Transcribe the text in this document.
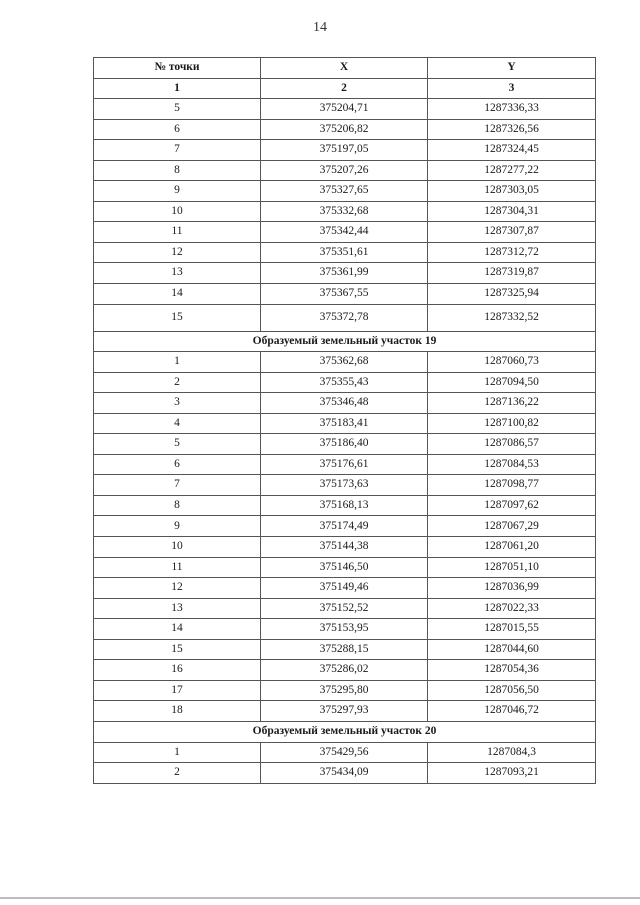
14
№ точки	X	Y
1	2	3
5	375204,71	1287336,33
6	375206,82	1287326,56
7	375197,05	1287324,45
8	375207,26	1287277,22
9	375327,65	1287303,05
10	375332,68	1287304,31
11	375342,44	1287307,87
12	375351,61	1287312,72
13	375361,99	1287319,87
14	375367,55	1287325,94
15	375372,78	1287332,52
Образуемый земельный участок 19		
1	375362,68	1287060,73
2	375355,43	1287094,50
3	375346,48	1287136,22
4	375183,41	1287100,82
5	375186,40	1287086,57
6	375176,61	1287084,53
7	375173,63	1287098,77
8	375168,13	1287097,62
9	375174,49	1287067,29
10	375144,38	1287061,20
11	375146,50	1287051,10
12	375149,46	1287036,99
13	375152,52	1287022,33
14	375153,95	1287015,55
15	375288,15	1287044,60
16	375286,02	1287054,36
17	375295,80	1287056,50
18	375297,93	1287046,72
Образуемый земельный участок 20		
1	375429,56	1287084,3
2	375434,09	1287093,21
